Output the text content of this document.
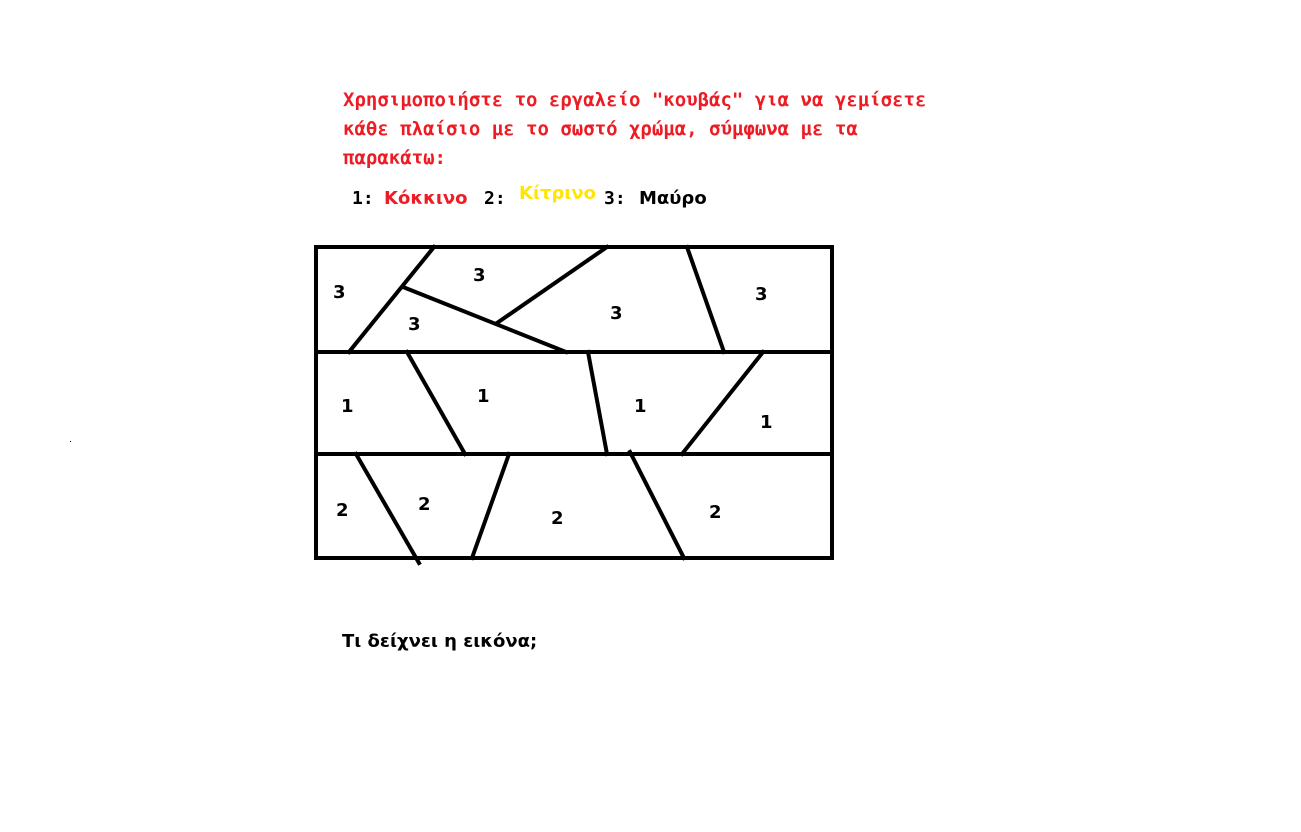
Χρησιμοποιήστε το εργαλείο "κουβάς" για να γεμίσετε
κάθε πλαίσιο με το σωστό χρώμα, σύμφωνα με τα
παρακάτω:
1: Κόκκινο 2: Κίτρινο 3: Μαύρο
3
3
3
3
3
1	1	1
1
2	2
2	2

Τι δείχνει η εικόνα;
